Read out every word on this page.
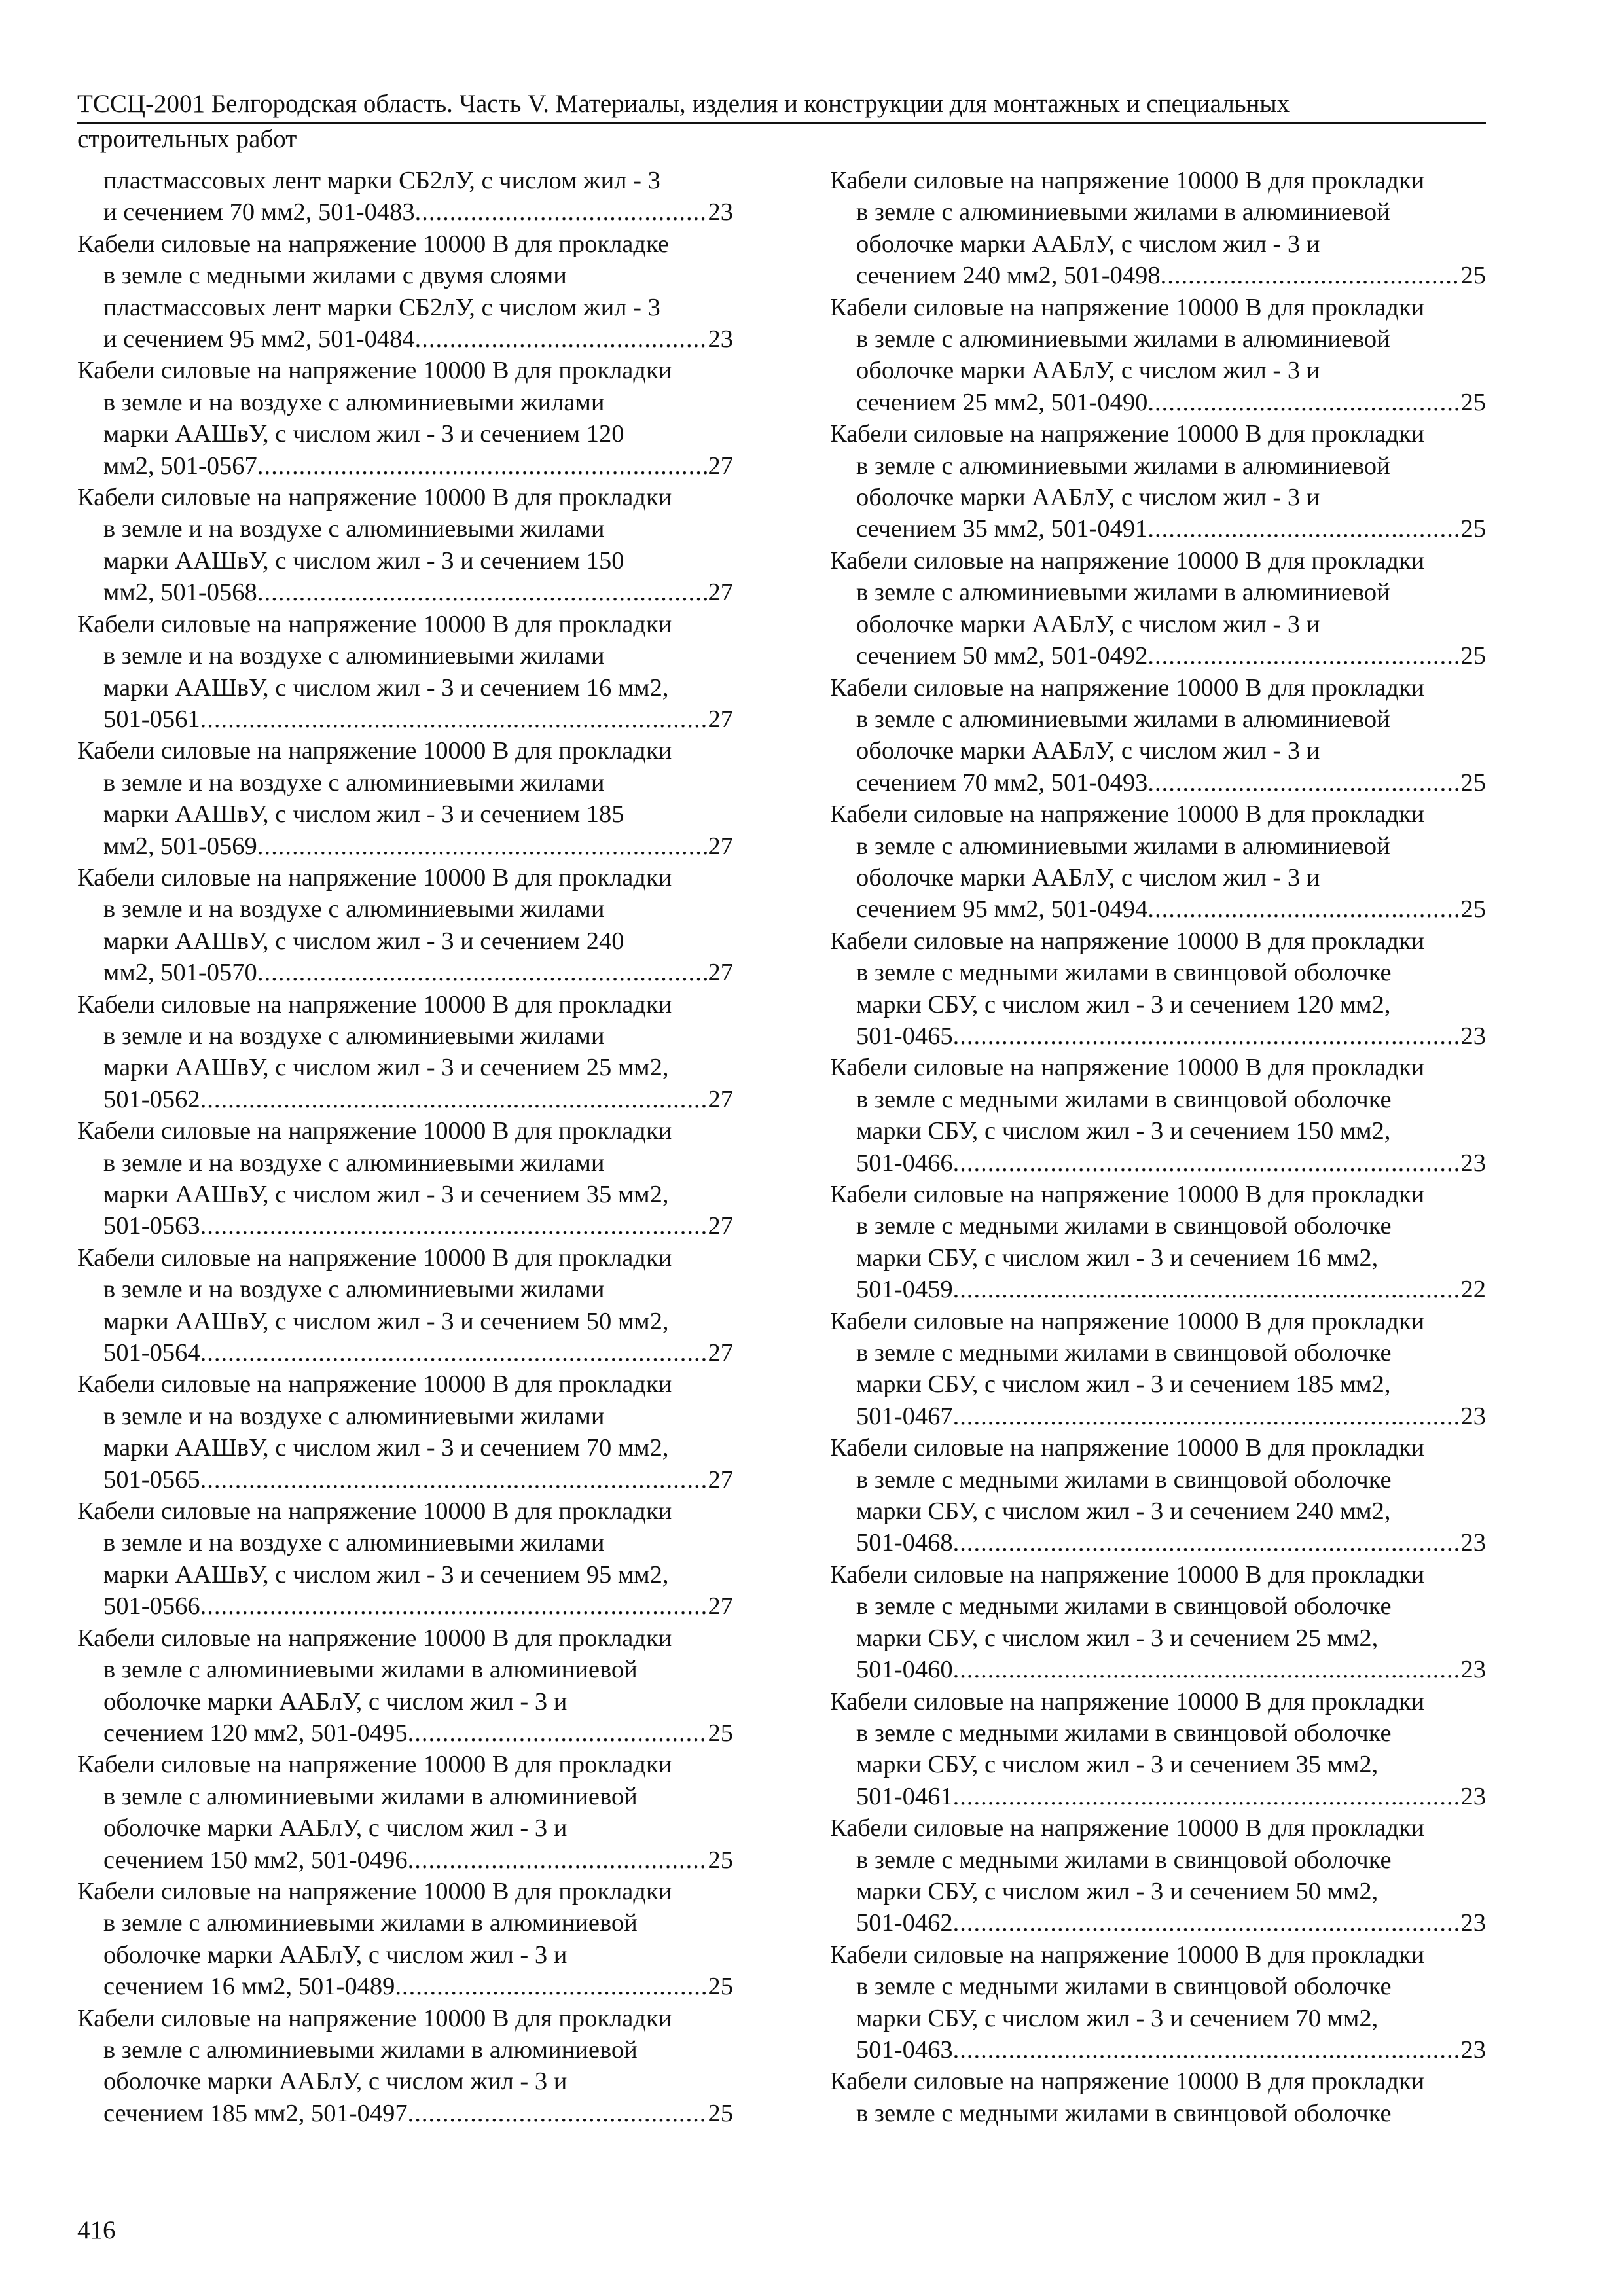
ТССЦ-2001 Белгородская область. Часть V. Материалы, изделия и конструкции для монтажных и специальных
строительных работ
пластмассовых лент марки СБ2лУ, с числом жил - 3
и сечением 70 мм2, 501-0483 .....	23
Кабели силовые на напряжение 10000 В для прокладке
в земле с медными жилами с двумя слоями
пластмассовых лент марки СБ2лУ, с числом жил - 3
и сечением 95 мм2, 501-0484 .....	23
Кабели силовые на напряжение 10000 В для прокладки
в земле и на воздухе с алюминиевыми жилами
марки ААШвУ, с числом жил - 3 и сечением 120
мм2, 501-0567 .....	27
Кабели силовые на напряжение 10000 В для прокладки
в земле и на воздухе с алюминиевыми жилами
марки ААШвУ, с числом жил - 3 и сечением 150
мм2, 501-0568 .....	27
Кабели силовые на напряжение 10000 В для прокладки
в земле и на воздухе с алюминиевыми жилами
марки ААШвУ, с числом жил - 3 и сечением 16 мм2,
501-0561 .....	27
Кабели силовые на напряжение 10000 В для прокладки
в земле и на воздухе с алюминиевыми жилами
марки ААШвУ, с числом жил - 3 и сечением 185
мм2, 501-0569 .....	27
Кабели силовые на напряжение 10000 В для прокладки
в земле и на воздухе с алюминиевыми жилами
марки ААШвУ, с числом жил - 3 и сечением 240
мм2, 501-0570 .....	27
Кабели силовые на напряжение 10000 В для прокладки
в земле и на воздухе с алюминиевыми жилами
марки ААШвУ, с числом жил - 3 и сечением 25 мм2,
501-0562 .....	27
Кабели силовые на напряжение 10000 В для прокладки
в земле и на воздухе с алюминиевыми жилами
марки ААШвУ, с числом жил - 3 и сечением 35 мм2,
501-0563 .....	27
Кабели силовые на напряжение 10000 В для прокладки
в земле и на воздухе с алюминиевыми жилами
марки ААШвУ, с числом жил - 3 и сечением 50 мм2,
501-0564 .....	27
Кабели силовые на напряжение 10000 В для прокладки
в земле и на воздухе с алюминиевыми жилами
марки ААШвУ, с числом жил - 3 и сечением 70 мм2,
501-0565 .....	27
Кабели силовые на напряжение 10000 В для прокладки
в земле и на воздухе с алюминиевыми жилами
марки ААШвУ, с числом жил - 3 и сечением 95 мм2,
501-0566 .....	27
Кабели силовые на напряжение 10000 В для прокладки
в земле с алюминиевыми жилами в алюминиевой
оболочке марки ААБлУ, с числом жил - 3 и
сечением 120 мм2, 501-0495 .....	25
Кабели силовые на напряжение 10000 В для прокладки
в земле с алюминиевыми жилами в алюминиевой
оболочке марки ААБлУ, с числом жил - 3 и
сечением 150 мм2, 501-0496 .....	25
Кабели силовые на напряжение 10000 В для прокладки
в земле с алюминиевыми жилами в алюминиевой
оболочке марки ААБлУ, с числом жил - 3 и
сечением 16 мм2, 501-0489 .....	25
Кабели силовые на напряжение 10000 В для прокладки
в земле с алюминиевыми жилами в алюминиевой
оболочке марки ААБлУ, с числом жил - 3 и
сечением 185 мм2, 501-0497 .....	25
Кабели силовые на напряжение 10000 В для прокладки
в земле с алюминиевыми жилами в алюминиевой
оболочке марки ААБлУ, с числом жил - 3 и
сечением 240 мм2, 501-0498 .....	25
Кабели силовые на напряжение 10000 В для прокладки
в земле с алюминиевыми жилами в алюминиевой
оболочке марки ААБлУ, с числом жил - 3 и
сечением 25 мм2, 501-0490 .....	25
Кабели силовые на напряжение 10000 В для прокладки
в земле с алюминиевыми жилами в алюминиевой
оболочке марки ААБлУ, с числом жил - 3 и
сечением 35 мм2, 501-0491 .....	25
Кабели силовые на напряжение 10000 В для прокладки
в земле с алюминиевыми жилами в алюминиевой
оболочке марки ААБлУ, с числом жил - 3 и
сечением 50 мм2, 501-0492 .....	25
Кабели силовые на напряжение 10000 В для прокладки
в земле с алюминиевыми жилами в алюминиевой
оболочке марки ААБлУ, с числом жил - 3 и
сечением 70 мм2, 501-0493 .....	25
Кабели силовые на напряжение 10000 В для прокладки
в земле с алюминиевыми жилами в алюминиевой
оболочке марки ААБлУ, с числом жил - 3 и
сечением 95 мм2, 501-0494 .....	25
Кабели силовые на напряжение 10000 В для прокладки
в земле с медными жилами в свинцовой оболочке
марки СБУ, с числом жил - 3 и сечением 120 мм2,
501-0465 .....	23
Кабели силовые на напряжение 10000 В для прокладки
в земле с медными жилами в свинцовой оболочке
марки СБУ, с числом жил - 3 и сечением 150 мм2,
501-0466 .....	23
Кабели силовые на напряжение 10000 В для прокладки
в земле с медными жилами в свинцовой оболочке
марки СБУ, с числом жил - 3 и сечением 16 мм2,
501-0459 .....	22
Кабели силовые на напряжение 10000 В для прокладки
в земле с медными жилами в свинцовой оболочке
марки СБУ, с числом жил - 3 и сечением 185 мм2,
501-0467 .....	23
Кабели силовые на напряжение 10000 В для прокладки
в земле с медными жилами в свинцовой оболочке
марки СБУ, с числом жил - 3 и сечением 240 мм2,
501-0468 .....	23
Кабели силовые на напряжение 10000 В для прокладки
в земле с медными жилами в свинцовой оболочке
марки СБУ, с числом жил - 3 и сечением 25 мм2,
501-0460 .....	23
Кабели силовые на напряжение 10000 В для прокладки
в земле с медными жилами в свинцовой оболочке
марки СБУ, с числом жил - 3 и сечением 35 мм2,
501-0461 .....	23
Кабели силовые на напряжение 10000 В для прокладки
в земле с медными жилами в свинцовой оболочке
марки СБУ, с числом жил - 3 и сечением 50 мм2,
501-0462 .....	23
Кабели силовые на напряжение 10000 В для прокладки
в земле с медными жилами в свинцовой оболочке
марки СБУ, с числом жил - 3 и сечением 70 мм2,
501-0463 .....	23
Кабели силовые на напряжение 10000 В для прокладки
в земле с медными жилами в свинцовой оболочке
416
